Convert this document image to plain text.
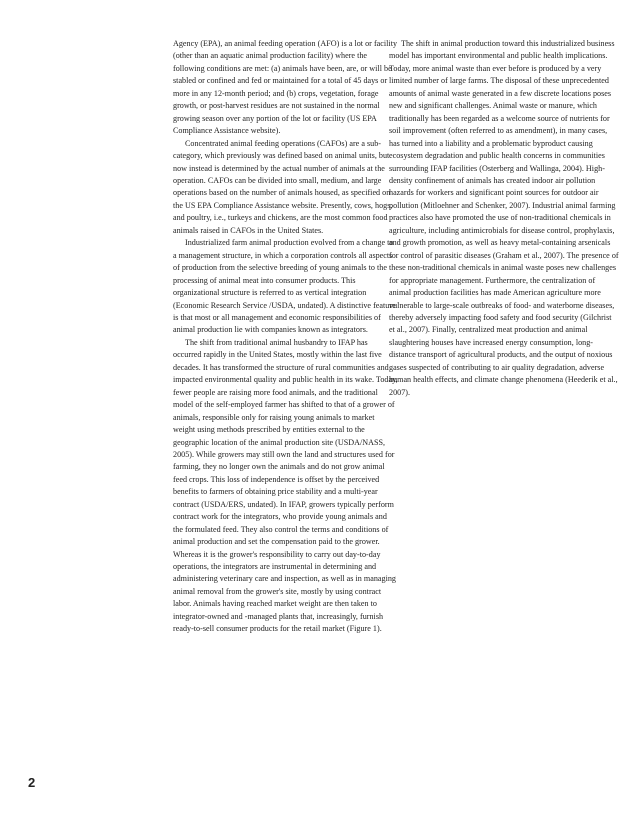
Agency (EPA), an animal feeding operation (AFO) is a lot or facility (other than an aquatic animal production facility) where the following conditions are met: (a) animals have been, are, or will be stabled or confined and fed or maintained for a total of 45 days or more in any 12-month period; and (b) crops, vegetation, forage growth, or post-harvest residues are not sustained in the normal growing season over any portion of the lot or facility (US EPA Compliance Assistance website).

Concentrated animal feeding operations (CAFOs) are a sub-category, which previously was defined based on animal units, but now instead is determined by the actual number of animals at the operation. CAFOs can be divided into small, medium, and large operations based on the number of animals housed, as specified on the US EPA Compliance Assistance website. Presently, cows, hogs, and poultry, i.e., turkeys and chickens, are the most common food animals raised in CAFOs in the United States.

Industrialized farm animal production evolved from a change to a management structure, in which a corporation controls all aspects of production from the selective breeding of young animals to the processing of animal meat into consumer products. This organizational structure is referred to as vertical integration (Economic Research Service /USDA, undated). A distinctive feature is that most or all management and economic responsibilities of animal production lie with companies known as integrators.

The shift from traditional animal husbandry to IFAP has occurred rapidly in the United States, mostly within the last five decades. It has transformed the structure of rural communities and impacted environmental quality and public health in its wake. Today, fewer people are raising more food animals, and the traditional model of the self-employed farmer has shifted to that of a grower of animals, responsible only for raising young animals to market weight using methods prescribed by entities external to the geographic location of the animal production site (USDA/NASS, 2005). While growers may still own the land and structures used for farming, they no longer own the animals and do not grow animal feed crops. This loss of independence is offset by the perceived benefits to farmers of obtaining price stability and a multi-year contract (USDA/ERS, undated). In IFAP, growers typically perform contract work for the integrators, who provide young animals and the formulated feed. They also control the terms and conditions of animal production and set the compensation paid to the grower. Whereas it is the grower's responsibility to carry out day-to-day operations, the integrators are instrumental in determining and administering veterinary care and inspection, as well as in managing animal removal from the grower's site, mostly by using contract labor. Animals having reached market weight are then taken to integrator-owned and -managed plants that, increasingly, furnish ready-to-sell consumer products for the retail market (Figure 1).

The shift in animal production toward this industrialized business model has important environmental and public health implications. Today, more animal waste than ever before is produced by a very limited number of large farms. The disposal of these unprecedented amounts of animal waste generated in a few discrete locations poses new and significant challenges. Animal waste or manure, which traditionally has been regarded as a welcome source of nutrients for soil improvement (often referred to as amendment), in many cases, has turned into a liability and a problematic byproduct causing ecosystem degradation and public health concerns in communities surrounding IFAP facilities (Osterberg and Wallinga, 2004). High-density confinement of animals has created indoor air pollution hazards for workers and significant point sources for outdoor air pollution (Mitloehner and Schenker, 2007). Industrial animal farming practices also have promoted the use of non-traditional chemicals in agriculture, including antimicrobials for disease control, prophylaxis, and growth promotion, as well as heavy metal-containing arsenicals for control of parasitic diseases (Graham et al., 2007). The presence of these non-traditional chemicals in animal waste poses new challenges for appropriate management. Furthermore, the centralization of animal production facilities has made American agriculture more vulnerable to large-scale outbreaks of food- and waterborne diseases, thereby adversely impacting food safety and food security (Gilchrist et al., 2007). Finally, centralized meat production and animal slaughtering houses have increased energy consumption, long-distance transport of agricultural products, and the output of noxious gases suspected of contributing to air quality degradation, adverse human health effects, and climate change phenomena (Heederik et al., 2007).

2
